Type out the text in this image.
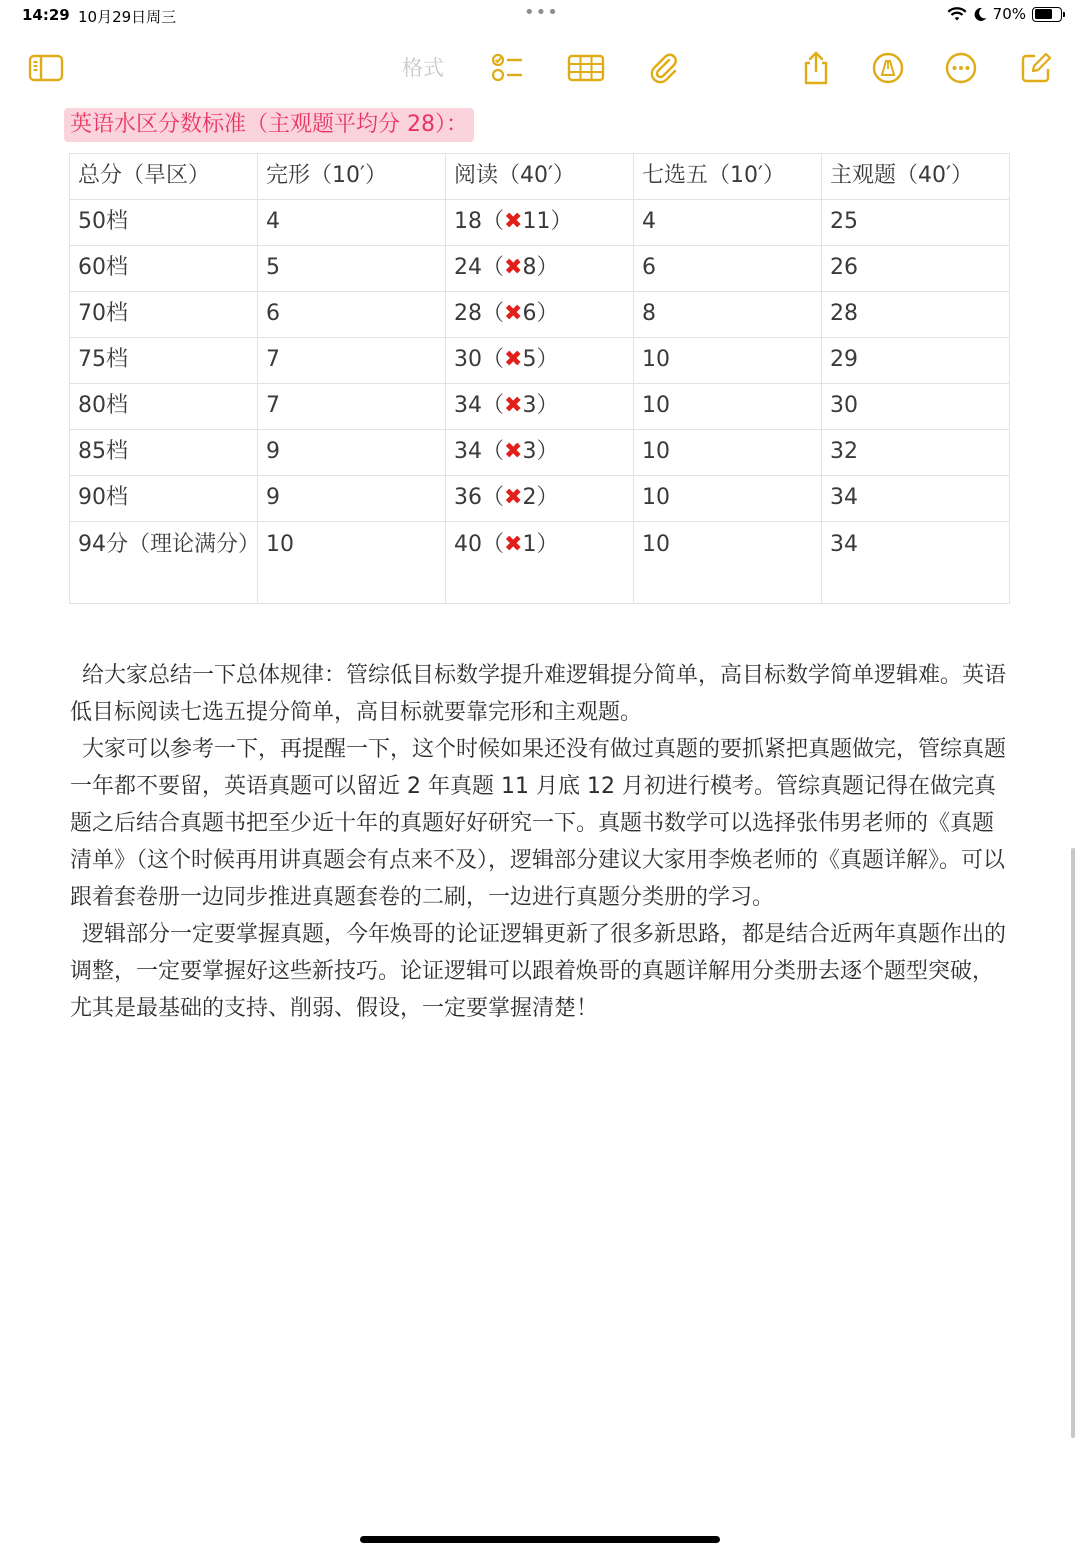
14:29 10月29日周三	•••	70%
格式
英语水区分数标准（主观题平均分 28）：
总分（旱区）	完形（10′）	阅读（40′）	七选五（10′）	主观题（40′）
50档	4	18（✖11）	4	25
60档	5	24（✖8）	6	26
70档	6	28（✖6）	8	28
75档	7	30（✖5）	10	29
80档	7	34（✖3）	10	30
85档	9	34（✖3）	10	32
90档	9	36（✖2）	10	34
94分（理论满分）	10	40（✖1）	10	34

给大家总结一下总体规律：管综低目标数学提升难逻辑提分简单，高目标数学简单逻辑难。英语低目标阅读七选五提分简单，高目标就要靠完形和主观题。

大家可以参考一下，再提醒一下，这个时候如果还没有做过真题的要抓紧把真题做完，管综真题一年都不要留，英语真题可以留近 2 年真题 11 月底 12 月初进行模考。管综真题记得在做完真题之后结合真题书把至少近十年的真题好好研究一下。真题书数学可以选择张伟男老师的《真题清单》（这个时候再用讲真题会有点来不及），逻辑部分建议大家用李焕老师的《真题详解》。可以跟着套卷册一边同步推进真题套卷的二刷，一边进行真题分类册的学习。

逻辑部分一定要掌握真题，今年焕哥的论证逻辑更新了很多新思路，都是结合近两年真题作出的调整，一定要掌握好这些新技巧。论证逻辑可以跟着焕哥的真题详解用分类册去逐个题型突破，尤其是最基础的支持、削弱、假设，一定要掌握清楚！
